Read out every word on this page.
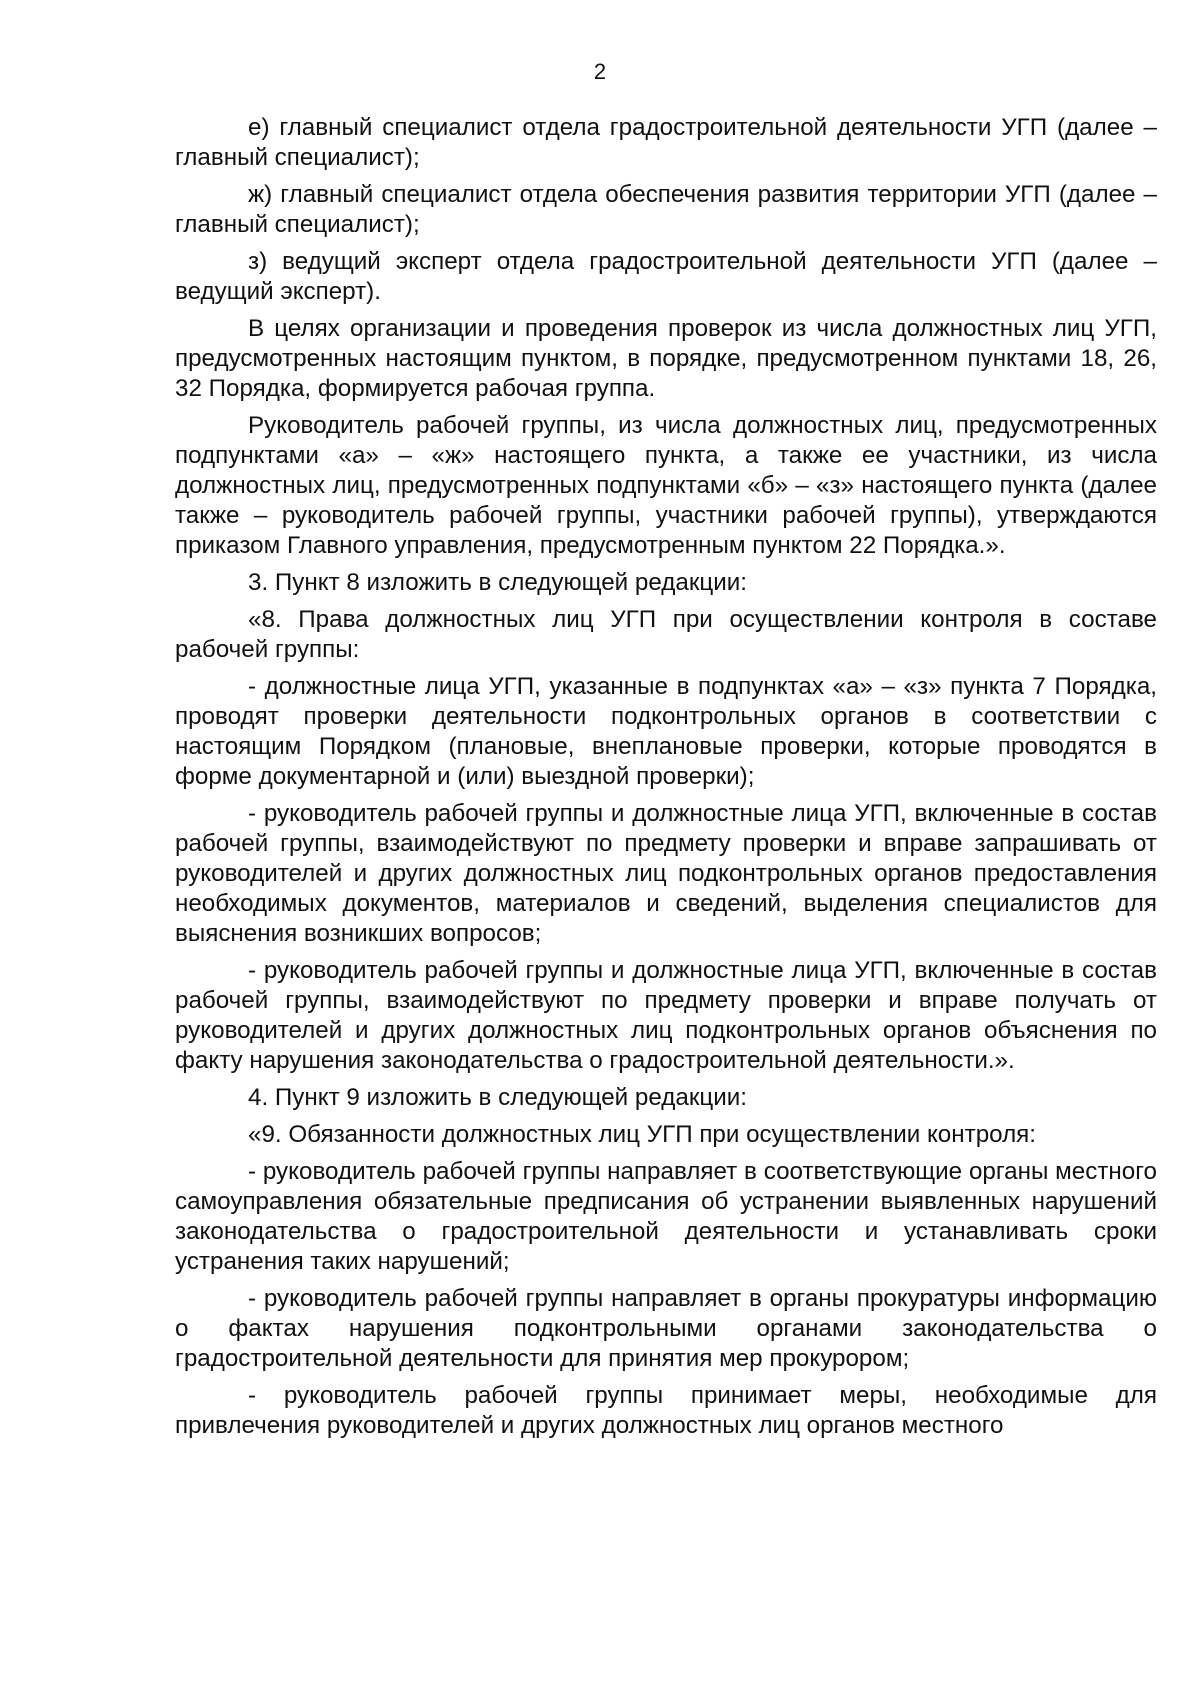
2

е) главный специалист отдела градостроительной деятельности УГП (далее – главный специалист);

ж) главный специалист отдела обеспечения развития территории УГП (далее – главный специалист);

з) ведущий эксперт отдела градостроительной деятельности УГП (далее – ведущий эксперт).

В целях организации и проведения проверок из числа должностных лиц УГП, предусмотренных настоящим пунктом, в порядке, предусмотренном пунктами 18, 26, 32 Порядка, формируется рабочая группа.

Руководитель рабочей группы, из числа должностных лиц, предусмотренных подпунктами «а» – «ж» настоящего пункта, а также ее участники, из числа должностных лиц, предусмотренных подпунктами «б» – «з» настоящего пункта (далее также – руководитель рабочей группы, участники рабочей группы), утверждаются приказом Главного управления, предусмотренным пунктом 22 Порядка.».

3. Пункт 8 изложить в следующей редакции:

«8. Права должностных лиц УГП при осуществлении контроля в составе рабочей группы:

- должностные лица УГП, указанные в подпунктах «а» – «з» пункта 7 Порядка, проводят проверки деятельности подконтрольных органов в соответствии с настоящим Порядком (плановые, внеплановые проверки, которые проводятся в форме документарной и (или) выездной проверки);

- руководитель рабочей группы и должностные лица УГП, включенные в состав рабочей группы, взаимодействуют по предмету проверки и вправе запрашивать от руководителей и других должностных лиц подконтрольных органов предоставления необходимых документов, материалов и сведений, выделения специалистов для выяснения возникших вопросов;

- руководитель рабочей группы и должностные лица УГП, включенные в состав рабочей группы, взаимодействуют по предмету проверки и вправе получать от руководителей и других должностных лиц подконтрольных органов объяснения по факту нарушения законодательства о градостроительной деятельности.».

4. Пункт 9 изложить в следующей редакции:

«9. Обязанности должностных лиц УГП при осуществлении контроля:

- руководитель рабочей группы направляет в соответствующие органы местного самоуправления обязательные предписания об устранении выявленных нарушений законодательства о градостроительной деятельности и устанавливать сроки устранения таких нарушений;

- руководитель рабочей группы направляет в органы прокуратуры информацию о фактах нарушения подконтрольными органами законодательства о градостроительной деятельности для принятия мер прокурором;

- руководитель рабочей группы принимает меры, необходимые для привлечения руководителей и других должностных лиц органов местного
